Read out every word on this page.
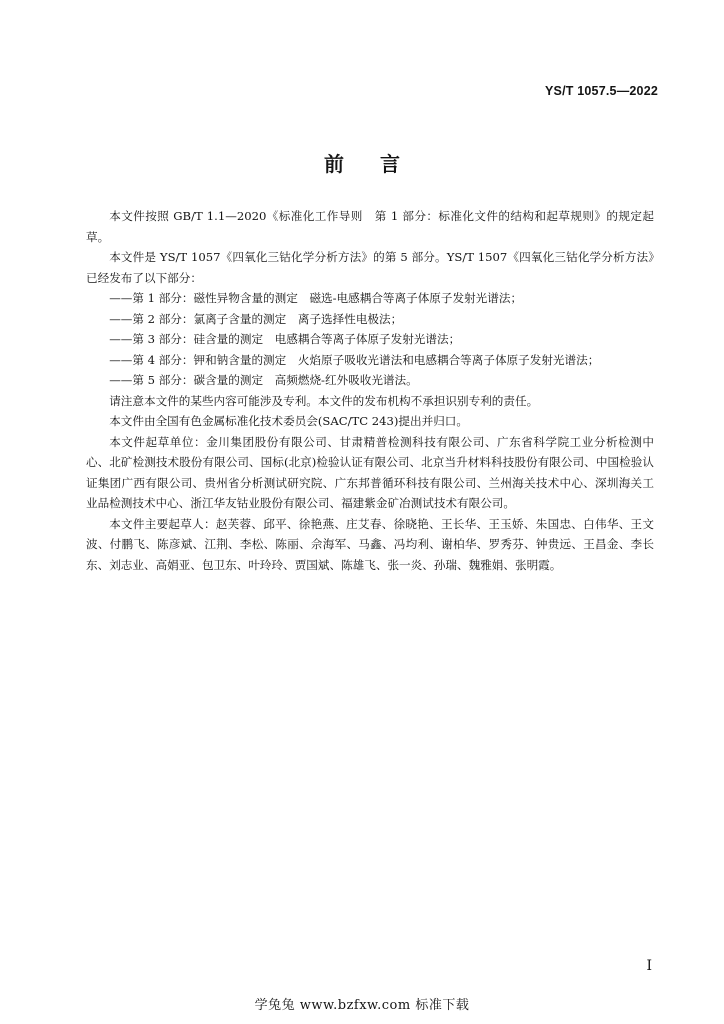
YS/T 1057.5—2022
前言

本文件按照 GB/T 1.1—2020《标准化工作导则　第 1 部分：标准化文件的结构和起草规则》的规定起草。

本文件是 YS/T 1057《四氧化三钴化学分析方法》的第 5 部分。YS/T 1507《四氧化三钴化学分析方法》已经发布了以下部分：

——第 1 部分：磁性异物含量的测定 磁选-电感耦合等离子体原子发射光谱法；

——第 2 部分：氯离子含量的测定 离子选择性电极法；

——第 3 部分：硅含量的测定 电感耦合等离子体原子发射光谱法；

——第 4 部分：钾和钠含量的测定 火焰原子吸收光谱法和电感耦合等离子体原子发射光谱法；

——第 5 部分：碳含量的测定 高频燃烧-红外吸收光谱法。

请注意本文件的某些内容可能涉及专利。本文件的发布机构不承担识别专利的责任。

本文件由全国有色金属标准化技术委员会(SAC/TC 243)提出并归口。

本文件起草单位：金川集团股份有限公司、甘肃精普检测科技有限公司、广东省科学院工业分析检测中心、北矿检测技术股份有限公司、国标(北京)检验认证有限公司、北京当升材料科技股份有限公司、中国检验认证集团广西有限公司、贵州省分析测试研究院、广东邦普循环科技有限公司、兰州海关技术中心、深圳海关工业品检测技术中心、浙江华友钴业股份有限公司、福建紫金矿冶测试技术有限公司。

本文件主要起草人：赵芙蓉、邱平、徐艳燕、庄艾春、徐晓艳、王长华、王玉娇、朱国忠、白伟华、王文波、付鹏飞、陈彦斌、江荆、李松、陈丽、佘海军、马鑫、冯均利、谢柏华、罗秀芬、钟贵远、王昌金、李长东、刘志业、高娟亚、包卫东、叶玲玲、贾国斌、陈雄飞、张一炎、孙瑞、魏雅娟、张明霞。

I
学兔兔 www.bzfxw.com 标准下载
